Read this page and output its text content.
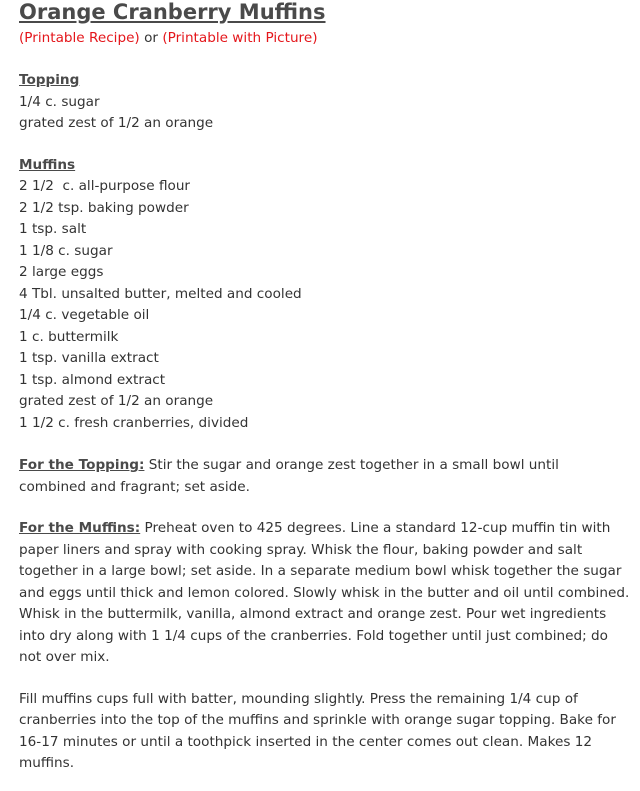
Orange Cranberry Muffins
(Printable Recipe) or (Printable with Picture)
Topping
1/4 c. sugar
grated zest of 1/2 an orange
Muffins
2 1/2  c. all-purpose flour
2 1/2 tsp. baking powder
1 tsp. salt
1 1/8 c. sugar
2 large eggs
4 Tbl. unsalted butter, melted and cooled
1/4 c. vegetable oil
1 c. buttermilk
1 tsp. vanilla extract
1 tsp. almond extract
grated zest of 1/2 an orange
1 1/2 c. fresh cranberries, divided

For the Topping: Stir the sugar and orange zest together in a small bowl until combined and fragrant; set aside.

For the Muffins: Preheat oven to 425 degrees. Line a standard 12-cup muffin tin with paper liners and spray with cooking spray. Whisk the flour, baking powder and salt together in a large bowl; set aside. In a separate medium bowl whisk together the sugar and eggs until thick and lemon colored. Slowly whisk in the butter and oil until combined. Whisk in the buttermilk, vanilla, almond extract and orange zest. Pour wet ingredients into dry along with 1 1/4 cups of the cranberries. Fold together until just combined; do not over mix.

Fill muffins cups full with batter, mounding slightly. Press the remaining 1/4 cup of cranberries into the top of the muffins and sprinkle with orange sugar topping. Bake for 16-17 minutes or until a toothpick inserted in the center comes out clean. Makes 12 muffins.
